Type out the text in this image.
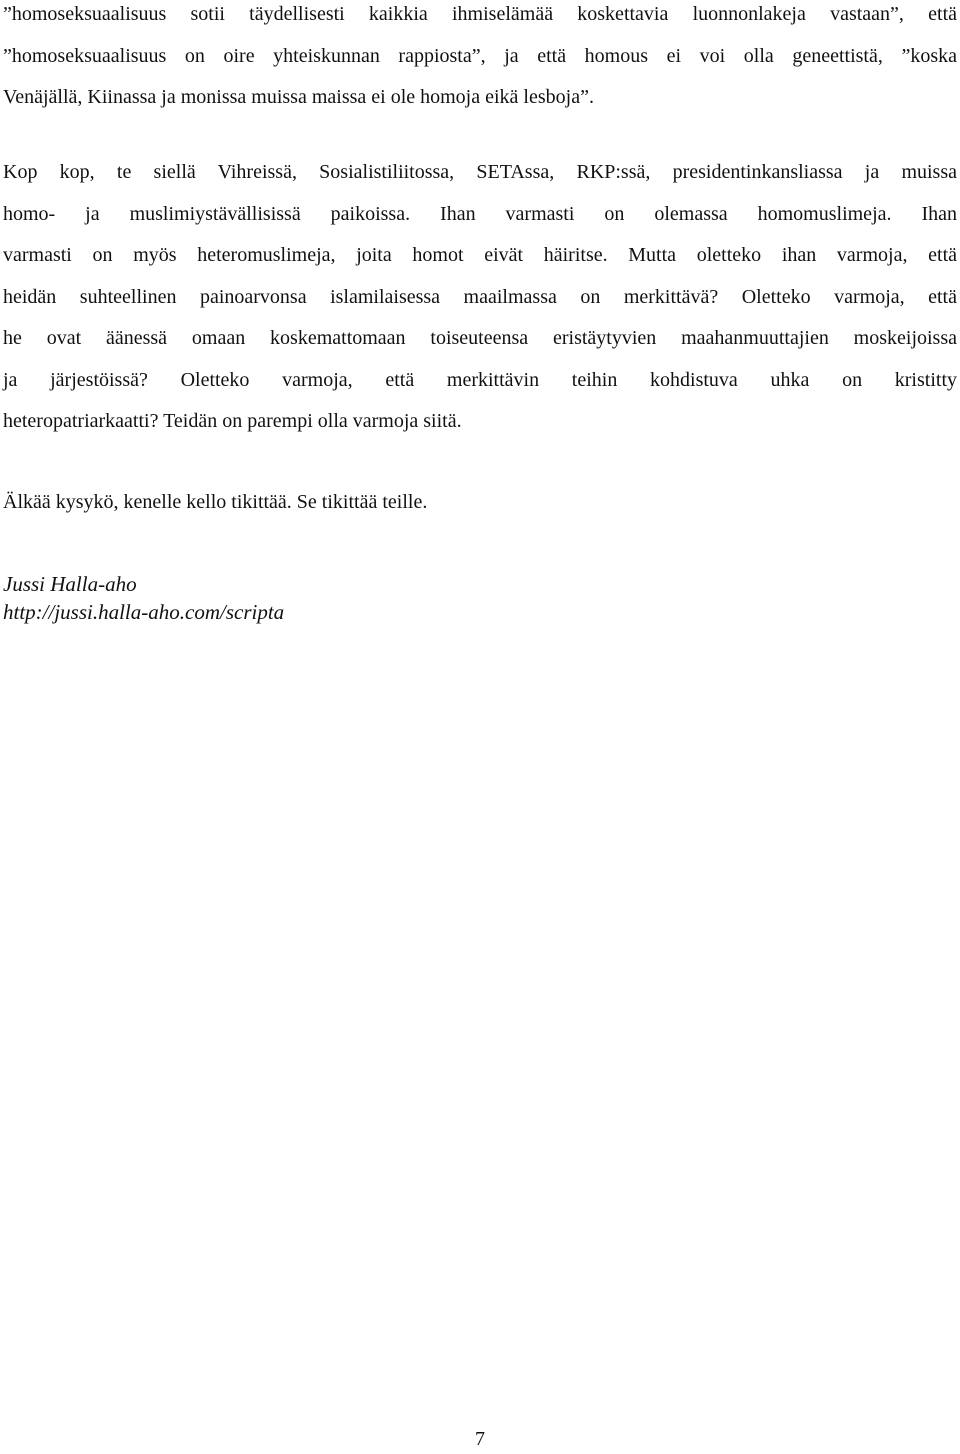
”homoseksuaalisuus sotii täydellisesti kaikkia ihmiselämää koskettavia luonnonlakeja vastaan”, että
”homoseksuaalisuus on oire yhteiskunnan rappiosta”, ja että homous ei voi olla geneettistä, ”koska
Venäjällä, Kiinassa ja monissa muissa maissa ei ole homoja eikä lesboja”.
Kop kop, te siellä Vihreissä, Sosialistiliitossa, SETAssa, RKP:ssä, presidentinkansliassa ja muissa
homo- ja muslimiystävällisissä paikoissa. Ihan varmasti on olemassa homomuslimeja. Ihan
varmasti on myös heteromuslimeja, joita homot eivät häiritse. Mutta oletteko ihan varmoja, että
heidän suhteellinen painoarvonsa islamilaisessa maailmassa on merkittävä? Oletteko varmoja, että
he ovat äänessä omaan koskemattomaan toiseuteensa eristäytyvien maahanmuuttajien moskeijoissa
ja järjestöissä? Oletteko varmoja, että merkittävin teihin kohdistuva uhka on kristitty
heteropatriarkaatti? Teidän on parempi olla varmoja siitä.
Älkää kysykö, kenelle kello tikittää. Se tikittää teille.

Jussi Halla-aho

http://jussi.halla-aho.com/scripta

7
